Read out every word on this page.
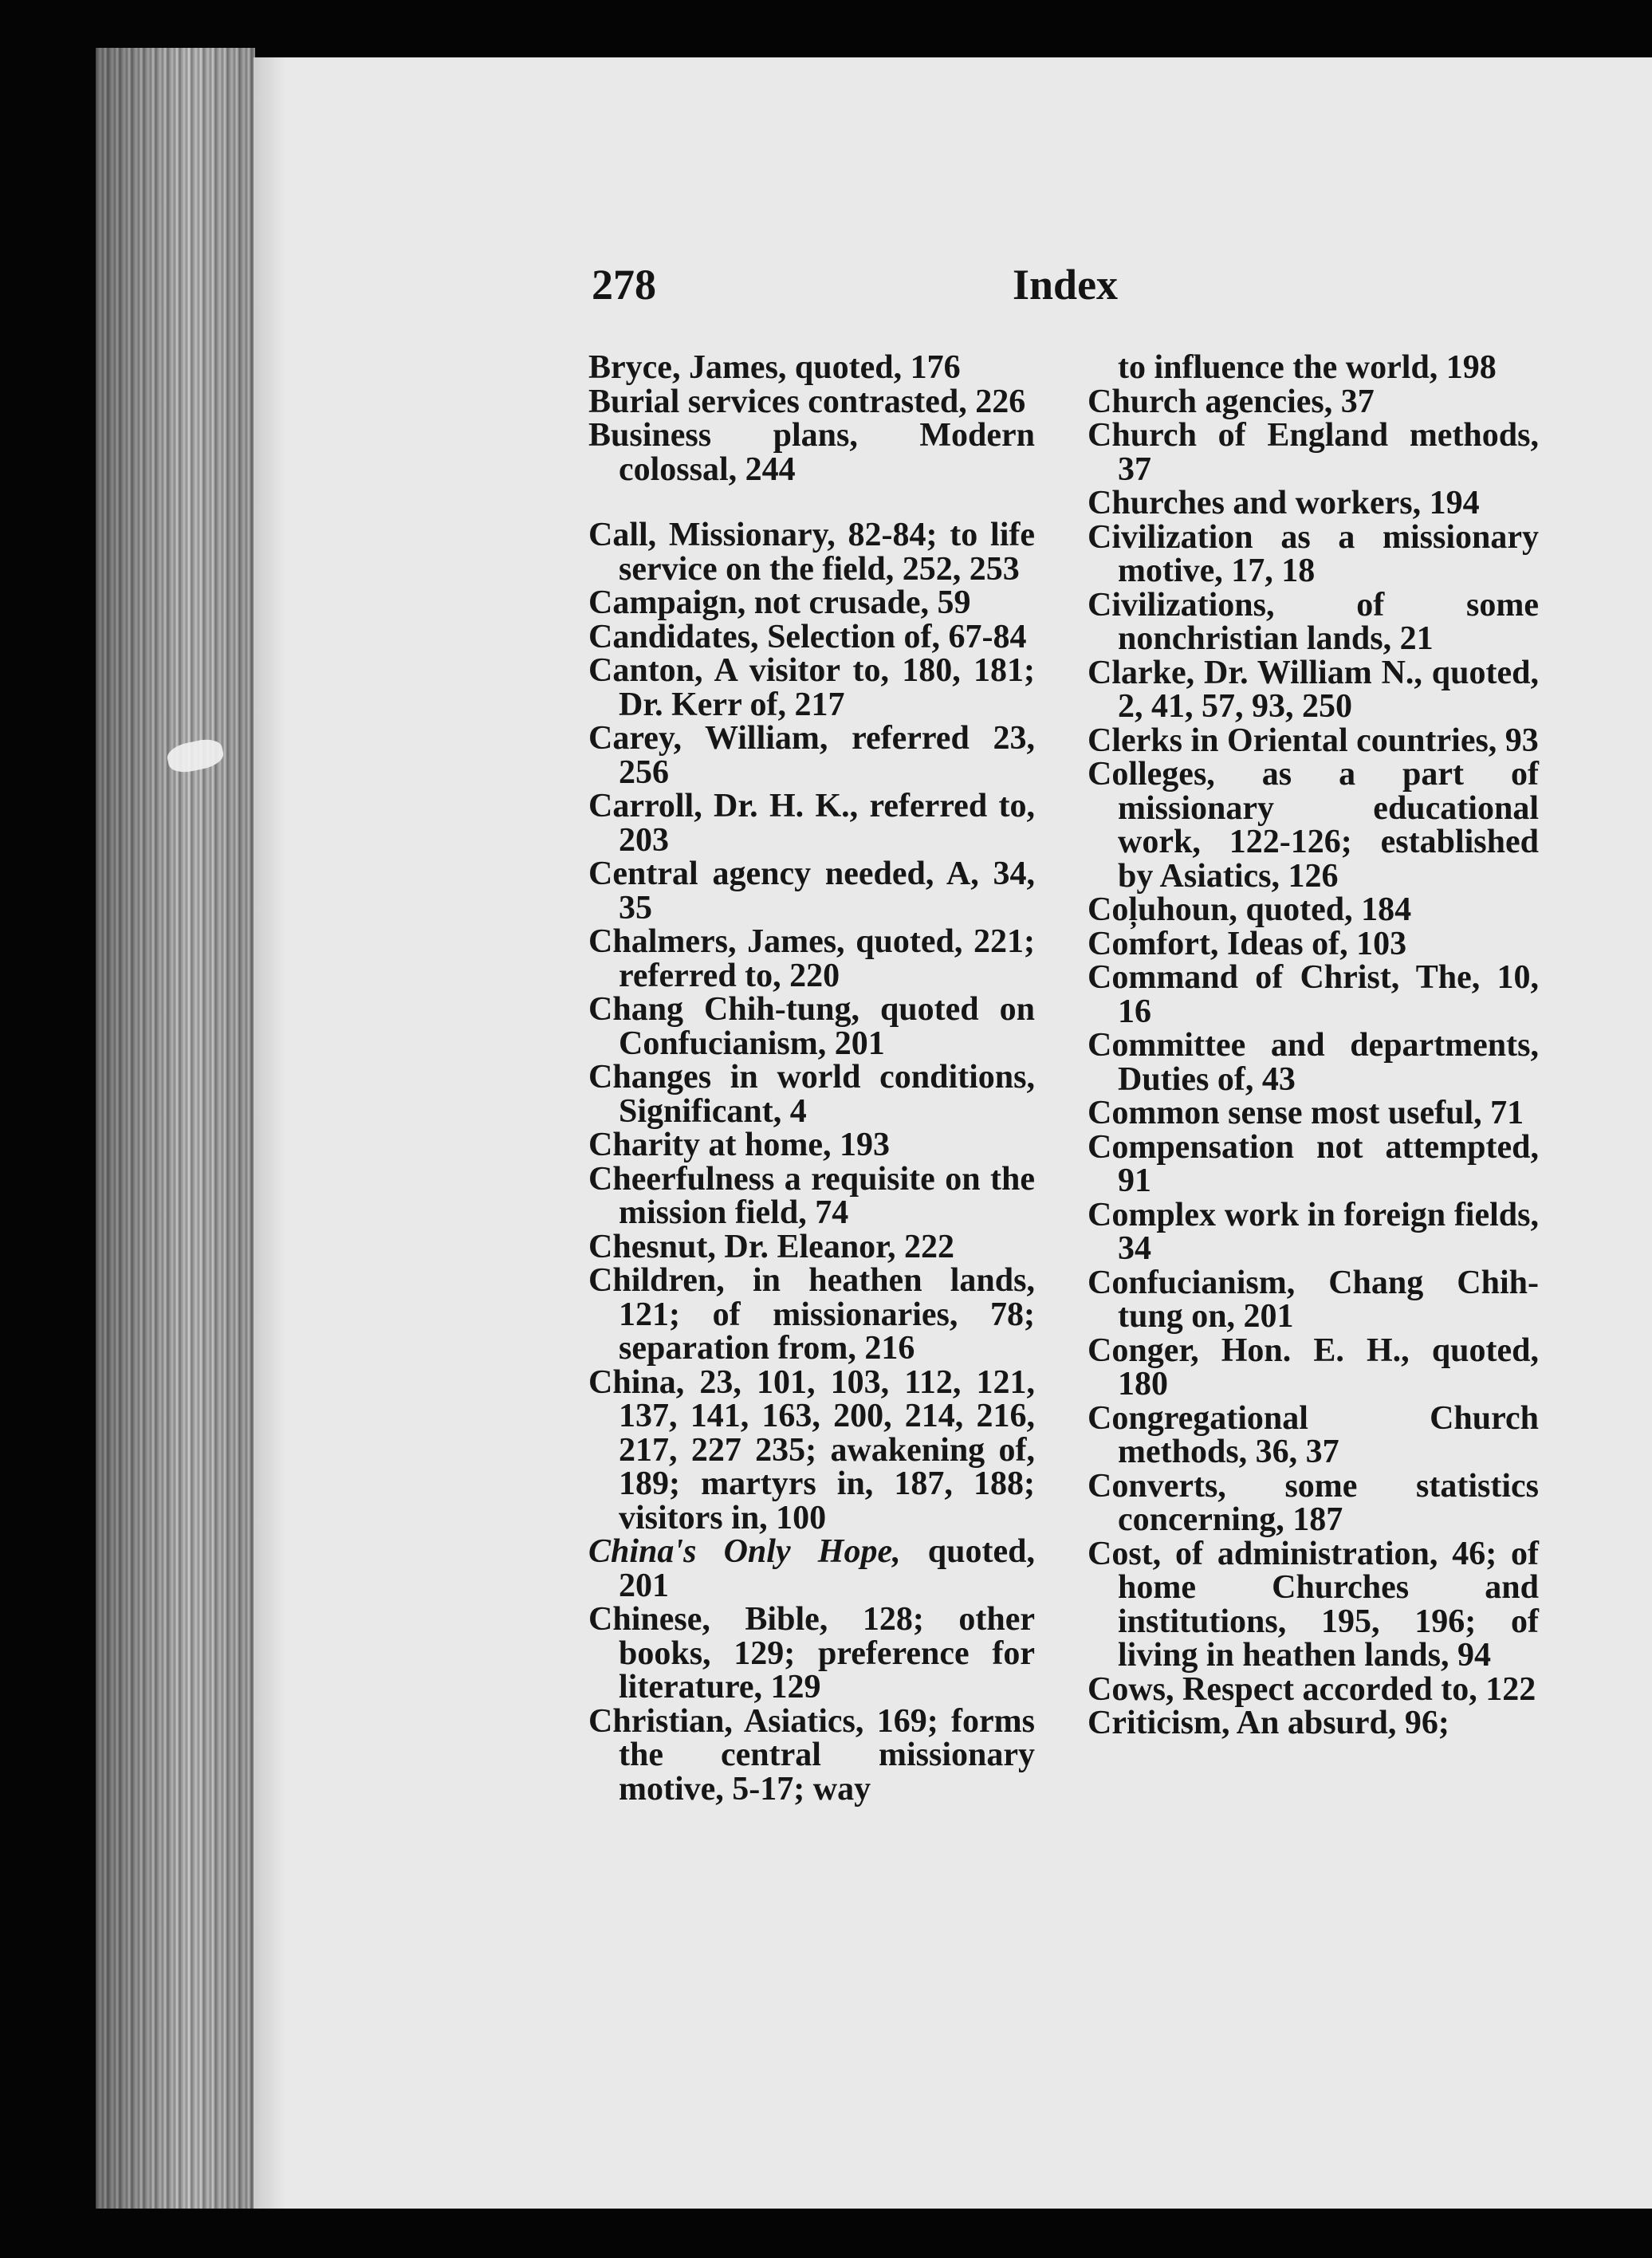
278	Index

Bryce, James, quoted, 176

Burial services contrasted, 226

Business plans, Modern colossal, 244

Call, Missionary, 82-84; to life service on the field, 252, 253

Campaign, not crusade, 59

Candidates, Selection of, 67-84

Canton, A visitor to, 180, 181; Dr. Kerr of, 217

Carey, William, referred 23, 256

Carroll, Dr. H. K., referred to, 203

Central agency needed, A, 34, 35

Chalmers, James, quoted, 221; referred to, 220

Chang Chih-tung, quoted on Confucianism, 201

Changes in world conditions, Significant, 4

Charity at home, 193

Cheerfulness a requisite on the mission field, 74

Chesnut, Dr. Eleanor, 222

Children, in heathen lands, 121; of missionaries, 78; separation from, 216

China, 23, 101, 103, 112, 121, 137, 141, 163, 200, 214, 216, 217, 227 235; awakening of, 189; martyrs in, 187, 188; visitors in, 100

China's Only Hope, quoted, 201

Chinese, Bible, 128; other books, 129; preference for literature, 129

Christian, Asiatics, 169; forms the central missionary motive, 5-17; way

to influence the world, 198

Church agencies, 37

Church of England methods, 37

Churches and workers, 194

Civilization as a missionary motive, 17, 18

Civilizations, of some nonchristian lands, 21

Clarke, Dr. William N., quoted, 2, 41, 57, 93, 250

Clerks in Oriental countries, 93

Colleges, as a part of missionary educational work, 122-126; established by Asiatics, 126

Col̦uhoun, quoted, 184

Comfort, Ideas of, 103

Command of Christ, The, 10, 16

Committee and departments, Duties of, 43

Common sense most useful, 71

Compensation not attempted, 91

Complex work in foreign fields, 34

Confucianism, Chang Chih-tung on, 201

Conger, Hon. E. H., quoted, 180

Congregational	Church methods, 36, 37

Converts, some statistics concerning, 187

Cost, of administration, 46; of home Churches and institutions, 195, 196; of living in heathen lands, 94

Cows, Respect accorded to, 122

Criticism, An absurd, 96;
